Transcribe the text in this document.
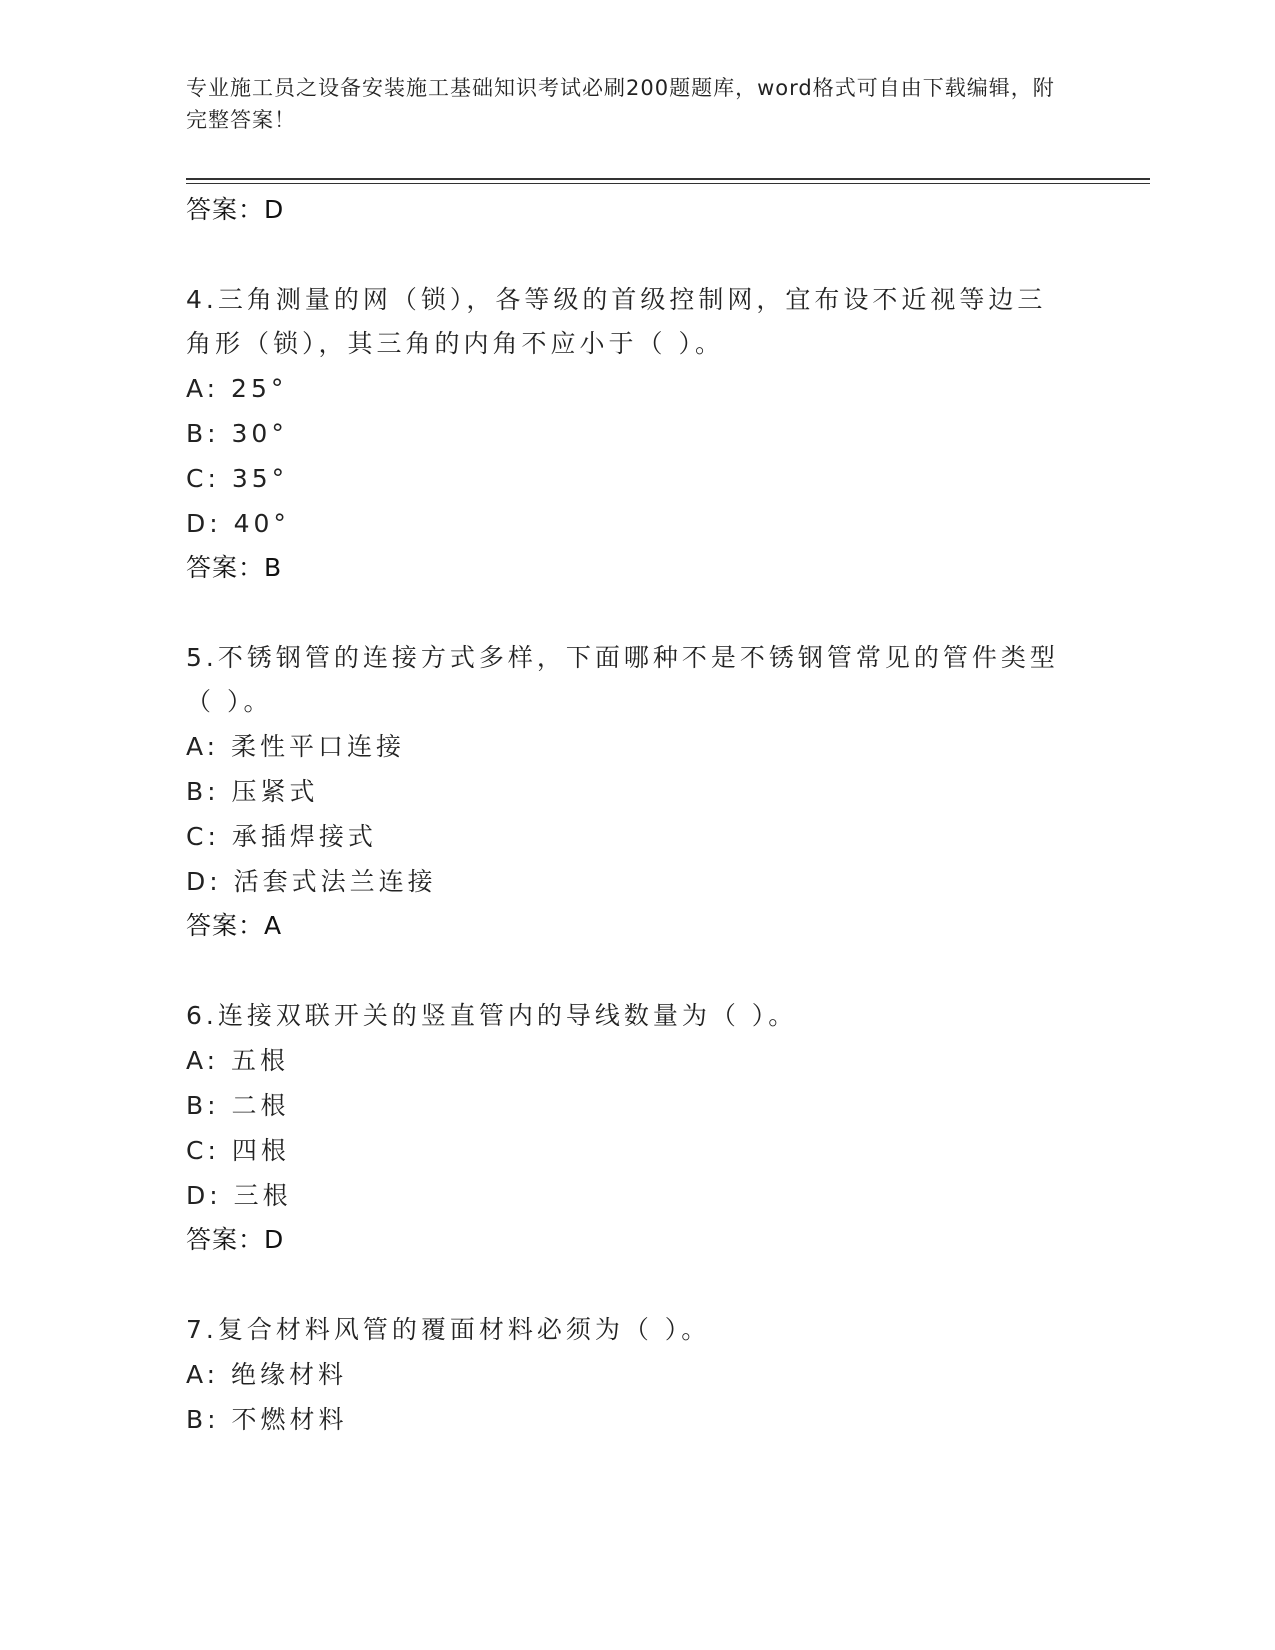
专业施工员之设备安装施工基础知识考试必刷200题题库，word格式可自由下载编辑，附完整答案！
答案：D
4.三角测量的网（锁），各等级的首级控制网，宜布设不近视等边三角形（锁），其三角的内角不应小于（ ）。
A: 25°
B: 30°
C: 35°
D: 40°
答案：B
5.不锈钢管的连接方式多样，下面哪种不是不锈钢管常见的管件类型（ ）。
A: 柔性平口连接
B: 压紧式
C: 承插焊接式
D: 活套式法兰连接
答案：A
6.连接双联开关的竖直管内的导线数量为（ ）。
A: 五根
B: 二根
C: 四根
D: 三根
答案：D
7.复合材料风管的覆面材料必须为（ ）。
A: 绝缘材料
B: 不燃材料
